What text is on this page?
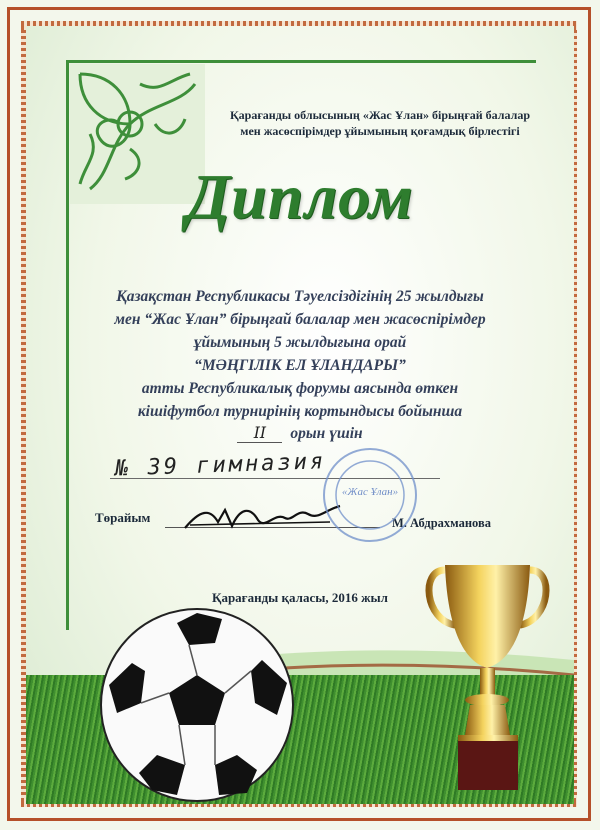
Қарағанды облысының «Жас Ұлан» бірыңғай балалар
мен жасөспірімдер ұйымының қоғамдық бірлестігі
Диплом
Қазақстан Республикасы Тәуелсіздігінің 25 жылдығы
мен “Жас Ұлан” бірыңғай балалар мен жасөспірімдер
ұйымының 5 жылдығына орай
“МӘҢГІЛІК ЕЛ ҰЛАНДАРЫ”
атты Республикалық форумы аясында өткен
кішіфутбол турнирінің кортындысы бойынша
II орын үшін
№ 39 гимназия
Төрайым	М. Абдрахманова
«Жас Ұлан»
Қарағанды қаласы, 2016 жыл
